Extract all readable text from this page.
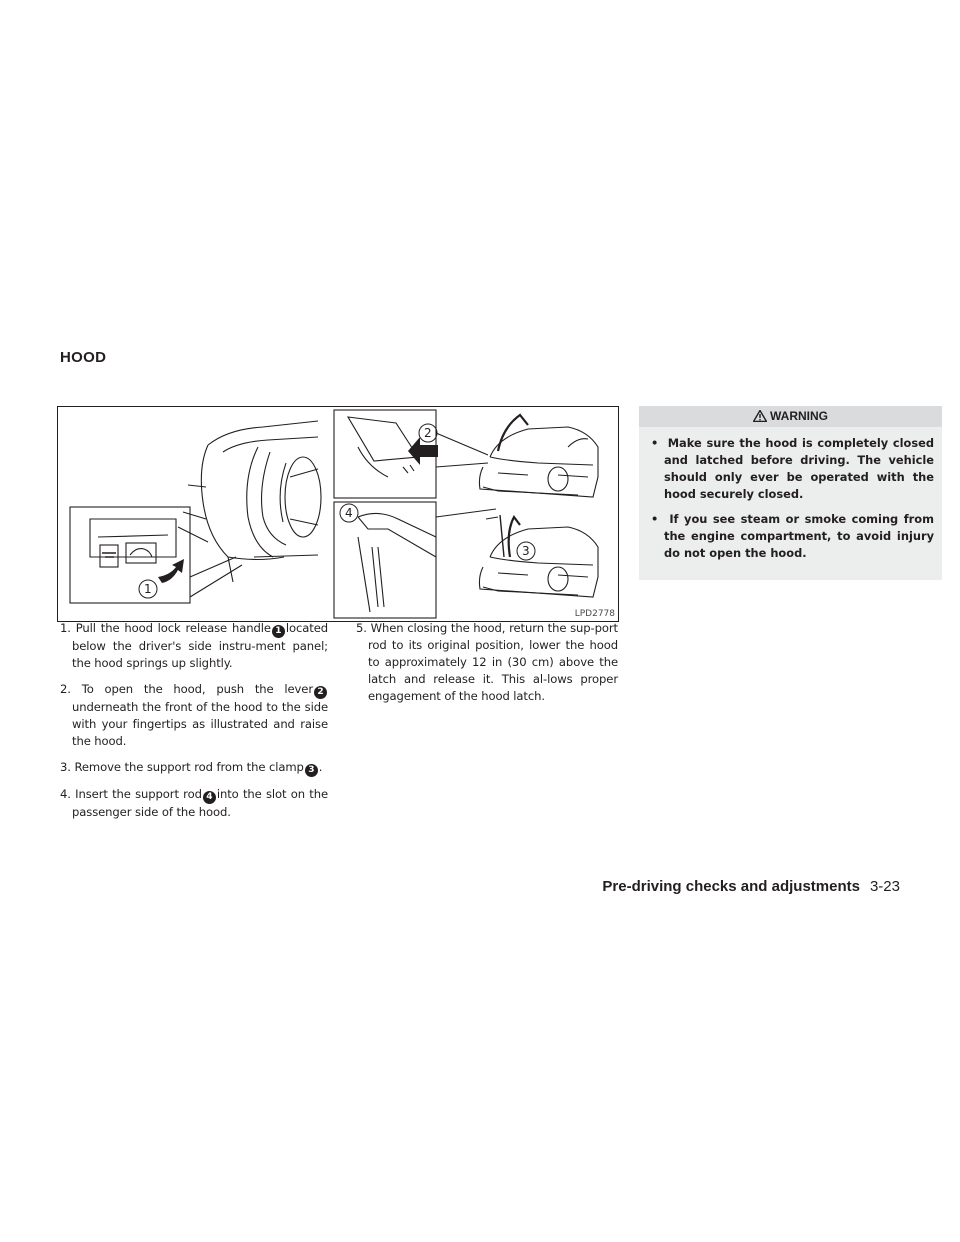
HOOD
1
2
3
4
LPD2778
1. Pull the hood lock release handle 1 located below the driver's side instru-ment panel; the hood springs up slightly.
2. To open the hood, push the lever 2underneath the front of the hood to the side with your fingertips as illustrated and raise the hood.
3. Remove the support rod from the clamp 3 .
4. Insert the support rod 4 into the slot on the passenger side of the hood.
5. When closing the hood, return the sup-port rod to its original position, lower the hood to approximately 12 in (30 cm) above the latch and release it. This al-lows proper engagement of the hood latch.
WARNING
•  Make sure the hood is completely closed and latched before driving. The vehicle should only ever be operated with the hood securely closed.
•  If you see steam or smoke coming from the engine compartment, to avoid injury do not open the hood.
Pre-driving checks and adjustments 3-23
